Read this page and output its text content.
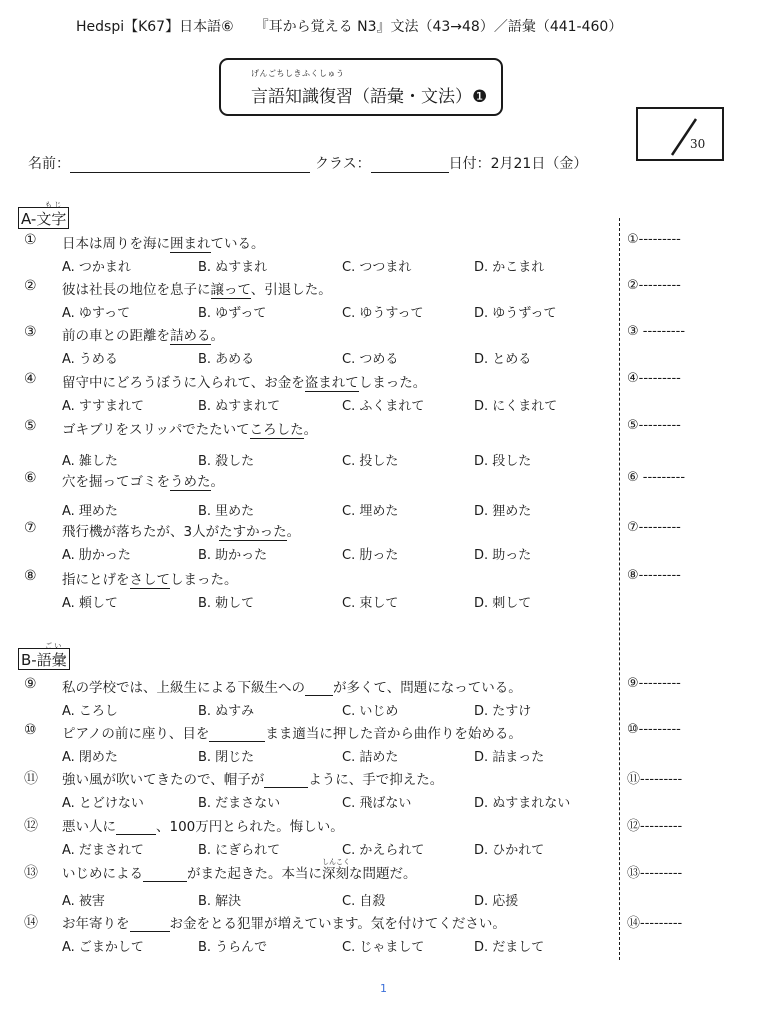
Hedspi【K67】日本語⑥　　『耳から覚える N3』文法（43→48）／語彙（441-460）
げんごちしきふくしゅう
言語知識復習（語彙・文法）❶
30
名前：	クラス：	日付：2月21日（金）
も じ
A-文字
① 日本は周りを海に囲まれている。
A. つかまれ	B. ぬすまれ	C. つつまれ	D. かこまれ
①---------
② 彼は社長の地位を息子に譲って、引退した。
A. ゆすって	B. ゆずって	C. ゆうすって	D. ゆうずって
②---------
③ 前の車との距離を詰める。
A. うめる	B. あめる	C. つめる	D. とめる
③ ---------
④ 留守中にどろうぼうに入られて、お金を盗まれてしまった。
A. すすまれて	B. ぬすまれて	C. ふくまれて	D. にくまれて
④---------
⑤ ゴキブリをスリッパでたたいてころした。
A. 雑した	B. 殺した	C. 投した	D. 段した
⑤---------
⑥ 穴を掘ってゴミをうめた。
A. 理めた	B. 里めた	C. 埋めた	D. 狸めた
⑥ ---------
⑦ 飛行機が落ちたが、3人がたすかった。
A. 肋かった	B. 助かった	C. 肋った	D. 助った
⑦---------
⑧ 指にとげをさしてしまった。
A. 頼して	B. 勅して	C. 束して	D. 刺して
⑧---------
ご い
B-語彙
⑨ 私の学校では、上級生による下級生への が多くて、問題になっている。
A. ころし	B. ぬすみ	C. いじめ	D. たすけ
⑨---------
⑩ ピアノの前に座り、目を	まま適当に押した音から曲作りを始める。
A. 閉めた	B. 閉じた	C. 詰めた	D. 詰まった
⑩---------
⑪ 強い風が吹いてきたので、帽子が	ように、手で抑えた。
A. とどけない	B. だまさない	C. 飛ばない	D. ぬすまれない
⑪---------
⑫ 悪い人に	、100万円とられた。悔しい。
A. だまされて	B. にぎられて	C. かえられて	D. ひかれて
⑫---------
⑬ いじめによる	がまた起きた。本当に
しんこく
深刻な問題だ。
A. 被害	B. 解決	C. 自殺	D. 応援
⑬---------
⑭ お年寄りを	お金をとる犯罪が増えています。気を付けてください。
A. ごまかして	B. うらんで	C. じゃまして	D. だまして
⑭---------
1
